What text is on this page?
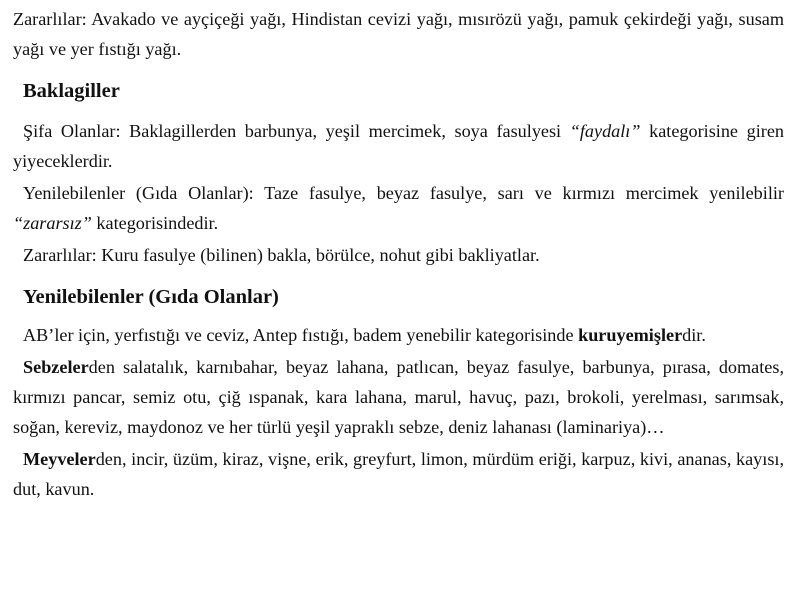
Zararlılar: Avakado ve ayçiçeği yağı, Hindistan cevizi yağı, mısırözü yağı, pamuk çekirdeği yağı, susam yağı ve yer fıstığı yağı.

Baklagiller

Şifa Olanlar: Baklagillerden barbunya, yeşil mercimek, soya fasulyesi “faydalı” kategorisine giren yiyeceklerdir.

Yenilebilenler (Gıda Olanlar): Taze fasulye, beyaz fasulye, sarı ve kırmızı mercimek yenilebilir “zararsız” kategorisindedir.

Zararlılar: Kuru fasulye (bilinen) bakla, börülce, nohut gibi bakliyatlar.

Yenilebilenler (Gıda Olanlar)

AB’ler için, yerfıstığı ve ceviz, Antep fıstığı, badem yenebilir kategorisinde kuruyemişlerdir.

Sebzelerden salatalık, karnıbahar, beyaz lahana, patlıcan, beyaz fasulye, barbunya, pırasa, domates, kırmızı pancar, semiz otu, çiğ ıspanak, kara lahana, marul, havuç, pazı, brokoli, yerelması, sarımsak, soğan, kereviz, maydonoz ve her türlü yeşil yapraklı sebze, deniz lahanası (laminariya)…

Meyvelerden, incir, üzüm, kiraz, vişne, erik, greyfurt, limon, mürdüm eriği, karpuz, kivi, ananas, kayısı, dut, kavun.
